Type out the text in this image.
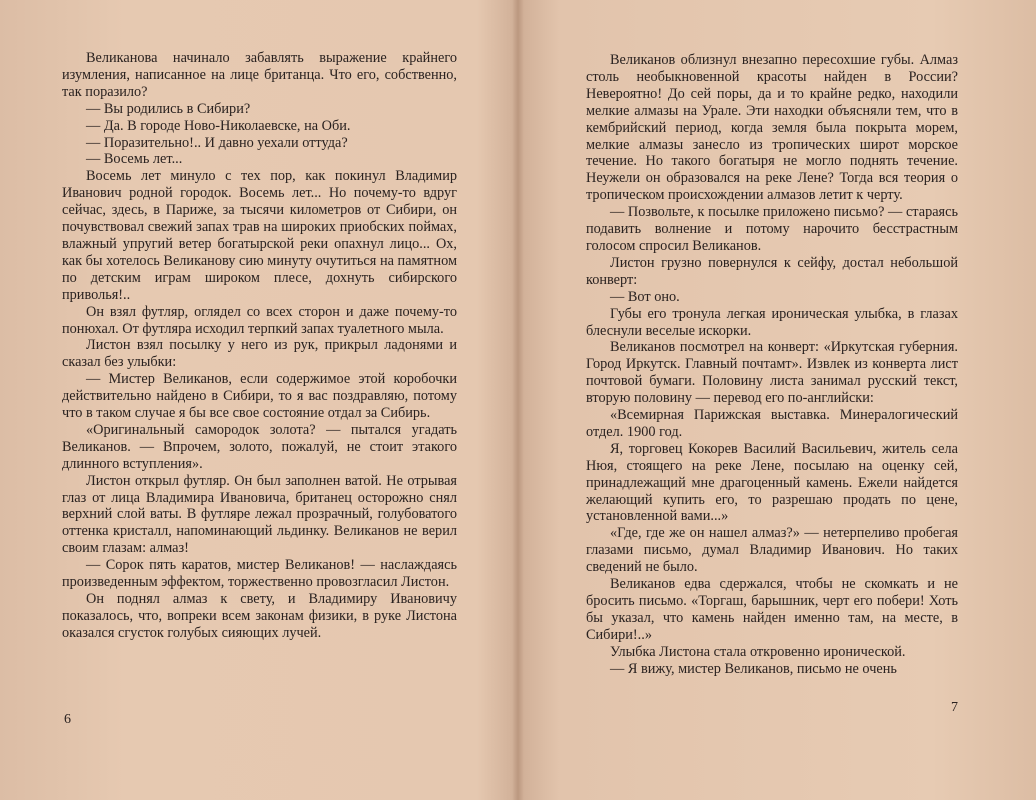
Великанова начинало забавлять выражение крайнего изумления, написанное на лице британца. Что его, собственно, так поразило?

— Вы родились в Сибири?

— Да. В городе Ново-Николаевске, на Оби.

— Поразительно!.. И давно уехали оттуда?

— Восемь лет...

Восемь лет минуло с тех пор, как покинул Владимир Иванович родной городок. Восемь лет... Но почему-то вдруг сейчас, здесь, в Париже, за тысячи километров от Сибири, он почувствовал свежий запах трав на широких приобских поймах, влажный упругий ветер богатырской реки опахнул лицо... Ох, как бы хотелось Великанову сию минуту очутиться на памятном по детским играм широком плесе, дохнуть сибирского приволья!..

Он взял футляр, оглядел со всех сторон и даже почему-то понюхал. От футляра исходил терпкий запах туалетного мыла.

Листон взял посылку у него из рук, прикрыл ладонями и сказал без улыбки:

— Мистер Великанов, если содержимое этой коробочки действительно найдено в Сибири, то я вас поздравляю, потому что в таком случае я бы все свое состояние отдал за Сибирь.

«Оригинальный самородок золота? — пытался угадать Великанов. — Впрочем, золото, пожалуй, не стоит этакого длинного вступления».

Листон открыл футляр. Он был заполнен ватой. Не отрывая глаз от лица Владимира Ивановича, британец осторожно снял верхний слой ваты. В футляре лежал прозрачный, голубоватого оттенка кристалл, напоминающий льдинку. Великанов не верил своим глазам: алмаз!

— Сорок пять каратов, мистер Великанов! — наслаждаясь произведенным эффектом, торжественно провозгласил Листон.

Он поднял алмаз к свету, и Владимиру Ивановичу показалось, что, вопреки всем законам физики, в руке Листона оказался сгусток голубых сияющих лучей.

6

Великанов облизнул внезапно пересохшие губы. Алмаз столь необыкновенной красоты найден в России? Невероятно! До сей поры, да и то крайне редко, находили мелкие алмазы на Урале. Эти находки объясняли тем, что в кембрийский период, когда земля была покрыта морем, мелкие алмазы занесло из тропических широт морское течение. Но такого богатыря не могло поднять течение. Неужели он образовался на реке Лене? Тогда вся теория о тропическом происхождении алмазов летит к черту.

— Позвольте, к посылке приложено письмо? — стараясь подавить волнение и потому нарочито бесстрастным голосом спросил Великанов.

Листон грузно повернулся к сейфу, достал небольшой конверт:

— Вот оно.

Губы его тронула легкая ироническая улыбка, в глазах блеснули веселые искорки.

Великанов посмотрел на конверт: «Иркутская губерния. Город Иркутск. Главный почтамт». Извлек из конверта лист почтовой бумаги. Половину листа занимал русский текст, вторую половину — перевод его по-английски:

«Всемирная Парижская выставка. Минералогический отдел. 1900 год.

Я, торговец Кокорев Василий Васильевич, житель села Нюя, стоящего на реке Лене, посылаю на оценку сей, принадлежащий мне драгоценный камень. Ежели найдется желающий купить его, то разрешаю продать по цене, установленной вами...»

«Где, где же он нашел алмаз?» — нетерпеливо пробегая глазами письмо, думал Владимир Иванович. Но таких сведений не было.

Великанов едва сдержался, чтобы не скомкать и не бросить письмо. «Торгаш, барышник, черт его побери! Хоть бы указал, что камень найден именно там, на месте, в Сибири!..»

Улыбка Листона стала откровенно иронической.

— Я вижу, мистер Великанов, письмо не очень

7
